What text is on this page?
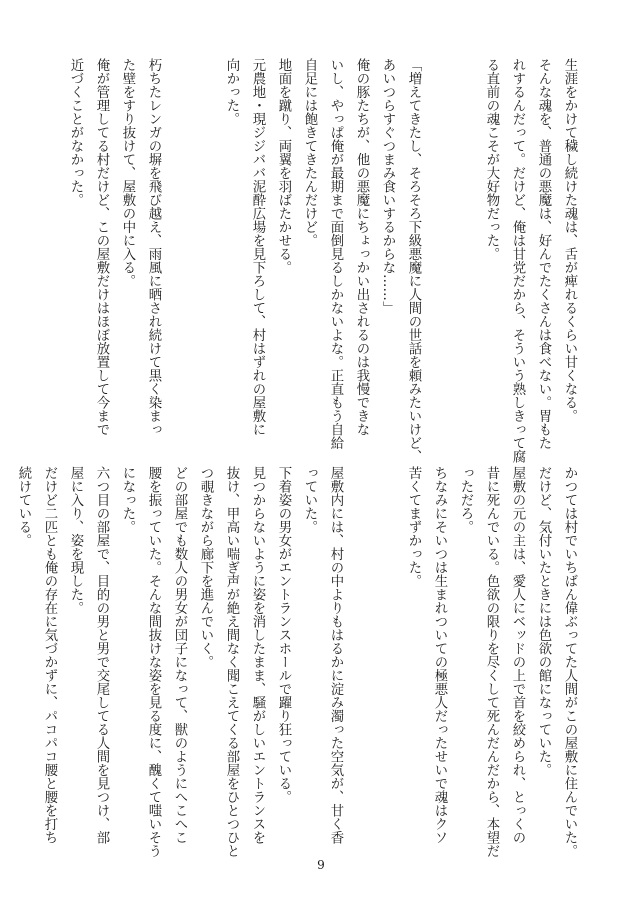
生涯をかけて穢し続けた魂は、舌が痺れるくらい甘くなる。
そんな魂を、普通の悪魔は、好んでたくさんは食べない。胃もた
れするんだって。だけど、俺は甘党だから、そういう熟しきって腐
る直前の魂こそが大好物だった。

「増えてきたし、そろそろ下級悪魔に人間の世話を頼みたいけど、
あいつらすぐつまみ食いするからな……」
俺の豚たちが、他の悪魔にちょっかい出されるのは我慢できな
いし、やっぱ俺が最期まで面倒見るしかないよな。正直もう自給
自足には飽きてきたんだけど。
地面を蹴り、両翼を羽ばたかせる。
元農地・現ジジババ泥酔広場を見下ろして、村はずれの屋敷に
向かった。

朽ちたレンガの塀を飛び越え、雨風に晒され続けて黒く染まっ
た壁をすり抜けて、屋敷の中に入る。
俺が管理してる村だけど、この屋敷だけはほぼ放置して今まで
近づくことがなかった。
かつては村でいちばん偉ぶってた人間がこの屋敷に住んでいた。
だけど、気付いたときには色欲の館になっていた。
屋敷の元の主は、愛人にベッドの上で首を絞められ、とっくの
昔に死んでいる。色欲の限りを尽くして死んだんだから、本望だ
っただろ。
ちなみにそいつは生まれついての極悪人だったせいで魂はクソ
苦くてまずかった。

屋敷内には、村の中よりもはるかに淀み濁った空気が、甘く香
っていた。
下着姿の男女がエントランスホールで躍り狂っている。
見つからないように姿を消したまま、騒がしいエントランスを
抜け、甲高い喘ぎ声が絶え間なく聞こえてくる部屋をひとつひと
つ覗きながら廊下を進んでいく。
どの部屋でも数人の男女が団子になって、獣のようにへこへこ
腰を振っていた。そんな間抜けな姿を見る度に、醜くて嗤いそう
になった。
六つ目の部屋で、目的の男と男で交尾してる人間を見つけ、部
屋に入り、姿を現した。
だけど二匹とも俺の存在に気づかずに、パコパコ腰と腰を打ち
続けている。
9
